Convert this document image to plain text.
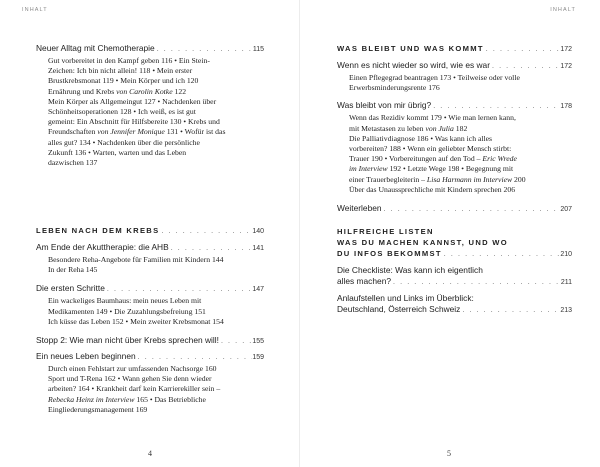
INHALT
Neuer Alltag mit Chemotherapie . . .	115
Gut vorbereitet in den Kampf geben 116 • Ein Stein-
Zeichen: Ich bin nicht allein! 118 • Mein erster
Brustkrebsmonat 119 • Mein Körper und ich 120
Ernährung und Krebs von Carolin Kotke 122
Mein Körper als Allgemeingut 127 • Nachdenken über
Schönheitsoperationen 128 • Ich weiß, es ist gut
gemeint: Ein Abschnitt für Hilfsbereite 130 • Krebs und
Freundschaften von Jennifer Monique 131 • Wofür ist das
alles gut? 134 • Nachdenken über die persönliche
Zukunft 136 • Warten, warten und das Leben
dazwischen 137
LEBEN NACH DEM KREBS . . .	140
Am Ende der Akuttherapie: die AHB . . .	141
Besondere Reha-Angebote für Familien mit Kindern 144
In der Reha 145
Die ersten Schritte . . .	147
Ein wackeliges Baumhaus: mein neues Leben mit
Medikamenten 149 • Die Zuzahlungsbefreiung 151
Ich küsse das Leben 152 • Mein zweiter Krebsmonat 154
Stopp 2: Wie man nicht über Krebs sprechen will! . . .	155
Ein neues Leben beginnen . . .	159
Durch einen Fehlstart zur umfassenden Nachsorge 160
Sport und T-Rena 162 • Wann gehen Sie denn wieder
arbeiten? 164 • Krankheit darf kein Karrierekiller sein –
Rebecka Heinz im Interview 165 • Das Betriebliche
Eingliederungsmanagement 169
4
INHALT
WAS BLEIBT UND WAS KOMMT . . .	172
Wenn es nicht wieder so wird, wie es war . . .	172
Einen Pflegegrad beantragen 173 • Teilweise oder volle
Erwerbsminderungsrente 176
Was bleibt von mir übrig? . . .	178
Wenn das Rezidiv kommt 179 • Wie man lernen kann,
mit Metastasen zu leben von Julia 182
Die Palliativdiagnose 186 • Was kann ich alles
vorbereiten? 188 • Wenn ein geliebter Mensch stirbt:
Trauer 190 • Vorbereitungen auf den Tod – Eric Wrede
im Interview 192 • Letzte Wege 198 • Begegnung mit
einer Trauerbegleiterin – Lisa Harmann im Interview 200
Über das Unaussprechliche mit Kindern sprechen 206
Weiterleben . . .	207
HILFREICHE LISTEN
WAS DU MACHEN KANNST, UND WO
DU INFOS BEKOMMST . . .	210
Die Checkliste: Was kann ich eigentlich
alles machen? . . .	211
Anlaufstellen und Links im Überblick:
Deutschland, Österreich Schweiz . . .	213
5
